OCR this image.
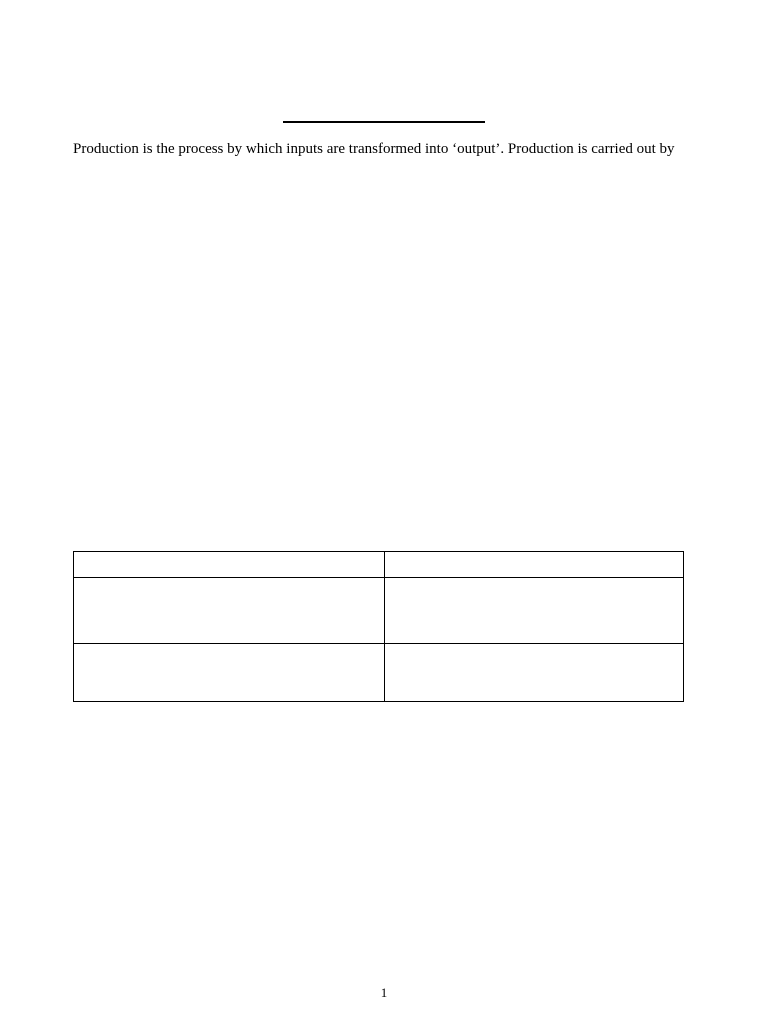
Production is the process by which inputs are transformed into ‘output’. Production is carried out by

1
